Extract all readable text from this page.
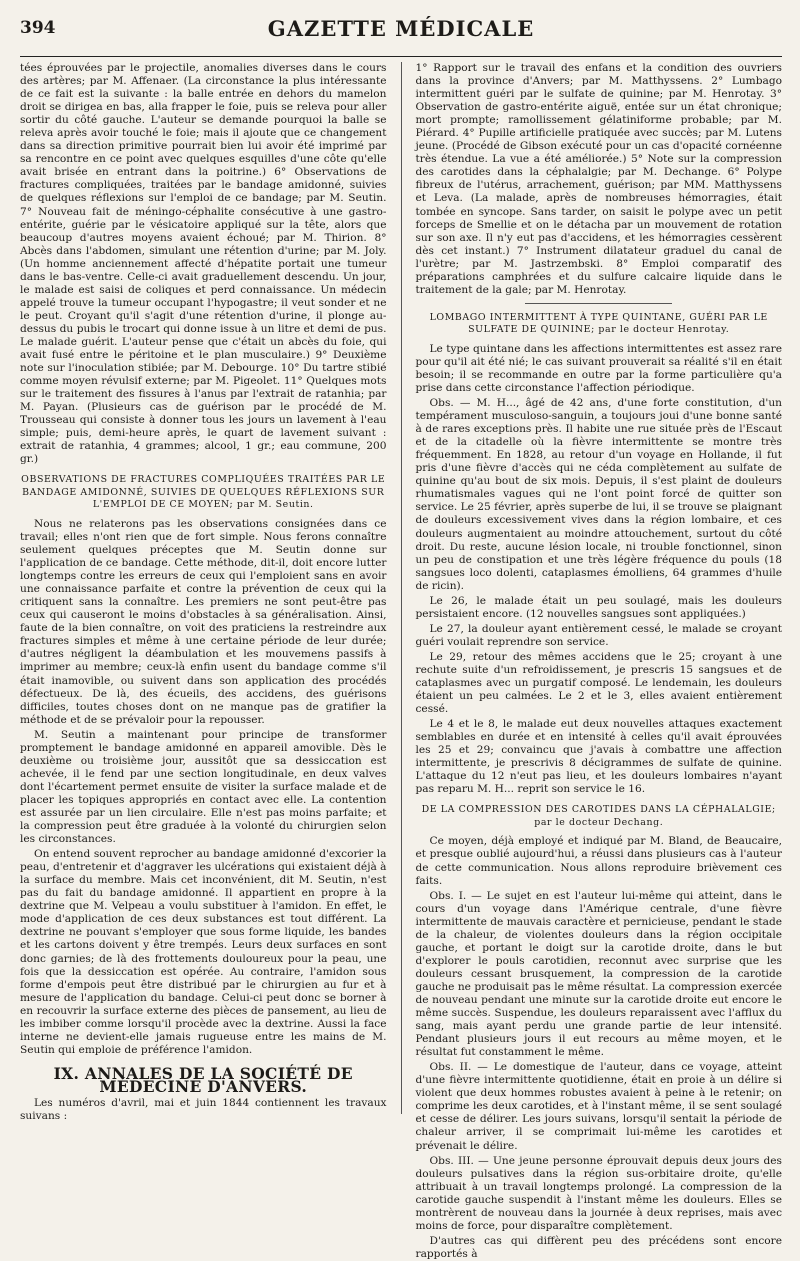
394	GAZETTE MÉDICALE

tées éprouvées par le projectile, anomalies diverses dans le cours des artères; par M. Affenaer. (La circonstance la plus intéressante de ce fait est la suivante : la balle entrée en dehors du mamelon droit se dirigea en bas, alla frapper le foie, puis se releva pour aller sortir du côté gauche. L'auteur se demande pourquoi la balle se releva après avoir touché le foie; mais il ajoute que ce changement dans sa direction primitive pourrait bien lui avoir été imprimé par sa rencontre en ce point avec quelques esquilles d'une côte qu'elle avait brisée en entrant dans la poitrine.) 6° Observations de fractures compliquées, traitées par le bandage amidonné, suivies de quelques réflexions sur l'emploi de ce bandage; par M. Seutin. 7° Nouveau fait de méningo-céphalite consécutive à une gastro-entérite, guérie par le vésicatoire appliqué sur la tête, alors que beaucoup d'autres moyens avaient échoué; par M. Thirion. 8° Abcès dans l'abdomen, simulant une rétention d'urine; par M. Joly. (Un homme anciennement affecté d'hépatite portait une tumeur dans le bas-ventre. Celle-ci avait graduellement descendu. Un jour, le malade est saisi de coliques et perd connaissance. Un médecin appelé trouve la tumeur occupant l'hypogastre; il veut sonder et ne le peut. Croyant qu'il s'agit d'une rétention d'urine, il plonge au-dessus du pubis le trocart qui donne issue à un litre et demi de pus. Le malade guérit. L'auteur pense que c'était un abcès du foie, qui avait fusé entre le péritoine et le plan musculaire.) 9° Deuxième note sur l'inoculation stibiée; par M. Debourge. 10° Du tartre stibié comme moyen révulsif externe; par M. Pigeolet. 11° Quelques mots sur le traitement des fissures à l'anus par l'extrait de ratanhia; par M. Payan. (Plusieurs cas de guérison par le procédé de M. Trousseau qui consiste à donner tous les jours un lavement à l'eau simple; puis, demi-heure après, le quart de lavement suivant : extrait de ratanhia, 4 grammes; alcool, 1 gr.; eau commune, 200 gr.)

OBSERVATIONS DE FRACTURES COMPLIQUÉES TRAITÉES PAR LE BANDAGE AMIDONNÉ, SUIVIES DE QUELQUES RÉFLEXIONS SUR L'EMPLOI DE CE MOYEN; par M. Seutin.

Nous ne relaterons pas les observations consignées dans ce travail; elles n'ont rien que de fort simple. Nous ferons connaître seulement quelques préceptes que M. Seutin donne sur l'application de ce bandage. Cette méthode, dit-il, doit encore lutter longtemps contre les erreurs de ceux qui l'emploient sans en avoir une connaissance parfaite et contre la prévention de ceux qui la critiquent sans la connaître. Les premiers ne sont peut-être pas ceux qui causeront le moins d'obstacles à sa généralisation. Ainsi, faute de la bien connaître, on voit des praticiens la restreindre aux fractures simples et même à une certaine période de leur durée; d'autres négligent la déambulation et les mouvemens passifs à imprimer au membre; ceux-là enfin usent du bandage comme s'il était inamovible, ou suivent dans son application des procédés défectueux. De là, des écueils, des accidens, des guérisons difficiles, toutes choses dont on ne manque pas de gratifier la méthode et de se prévaloir pour la repousser.

M. Seutin a maintenant pour principe de transformer promptement le bandage amidonné en appareil amovible. Dès le deuxième ou troisième jour, aussitôt que sa dessiccation est achevée, il le fend par une section longitudinale, en deux valves dont l'écartement permet ensuite de visiter la surface malade et de placer les topiques appropriés en contact avec elle. La contention est assurée par un lien circulaire. Elle n'est pas moins parfaite; et la compression peut être graduée à la volonté du chirurgien selon les circonstances.

On entend souvent reprocher au bandage amidonné d'excorier la peau, d'entretenir et d'aggraver les ulcérations qui existaient déjà à la surface du membre. Mais cet inconvénient, dit M. Seutin, n'est pas du fait du bandage amidonné. Il appartient en propre à la dextrine que M. Velpeau a voulu substituer à l'amidon. En effet, le mode d'application de ces deux substances est tout différent. La dextrine ne pouvant s'employer que sous forme liquide, les bandes et les cartons doivent y être trempés. Leurs deux surfaces en sont donc garnies; de là des frottements douloureux pour la peau, une fois que la dessiccation est opérée. Au contraire, l'amidon sous forme d'empois peut être distribué par le chirurgien au fur et à mesure de l'application du bandage. Celui-ci peut donc se borner à en recouvrir la surface externe des pièces de pansement, au lieu de les imbiber comme lorsqu'il procède avec la dextrine. Aussi la face interne ne devient-elle jamais rugueuse entre les mains de M. Seutin qui emploie de préférence l'amidon.

IX. ANNALES DE LA SOCIÉTÉ DE MÉDECINE D'ANVERS.

Les numéros d'avril, mai et juin 1844 contiennent les travaux suivans :

1° Rapport sur le travail des enfans et la condition des ouvriers dans la province d'Anvers; par M. Matthyssens. 2° Lumbago intermittent guéri par le sulfate de quinine; par M. Henrotay. 3° Observation de gastro-entérite aiguë, entée sur un état chronique; mort prompte; ramollissement gélatiniforme probable; par M. Piérard. 4° Pupille artificielle pratiquée avec succès; par M. Lutens jeune. (Procédé de Gibson exécuté pour un cas d'opacité cornéenne très étendue. La vue a été améliorée.) 5° Note sur la compression des carotides dans la céphalalgie; par M. Dechange. 6° Polype fibreux de l'utérus, arrachement, guérison; par MM. Matthyssens et Leva. (La malade, après de nombreuses hémorragies, était tombée en syncope. Sans tarder, on saisit le polype avec un petit forceps de Smellie et on le détacha par un mouvement de rotation sur son axe. Il n'y eut pas d'accidens, et les hémorragies cessèrent dès cet instant.) 7° Instrument dilatateur graduel du canal de l'urètre; par M. Jastrzembski. 8° Emploi comparatif des préparations camphrées et du sulfure calcaire liquide dans le traitement de la gale; par M. Henrotay.

LOMBAGO INTERMITTENT À TYPE QUINTANE, GUÉRI PAR LE SULFATE DE QUININE; par le docteur Henrotay.

Le type quintane dans les affections intermittentes est assez rare pour qu'il ait été nié; le cas suivant prouverait sa réalité s'il en était besoin; il se recommande en outre par la forme particulière qu'a prise dans cette circonstance l'affection périodique.

Obs. — M. H..., âgé de 42 ans, d'une forte constitution, d'un tempérament musculoso-sanguin, a toujours joui d'une bonne santé à de rares exceptions près. Il habite une rue située près de l'Escaut et de la citadelle où la fièvre intermittente se montre très fréquemment. En 1828, au retour d'un voyage en Hollande, il fut pris d'une fièvre d'accès qui ne céda complètement au sulfate de quinine qu'au bout de six mois. Depuis, il s'est plaint de douleurs rhumatismales vagues qui ne l'ont point forcé de quitter son service. Le 25 février, après superbe de lui, il se trouve se plaignant de douleurs excessivement vives dans la région lombaire, et ces douleurs augmentaient au moindre attouchement, surtout du côté droit. Du reste, aucune lésion locale, ni trouble fonctionnel, sinon un peu de constipation et une très légère fréquence du pouls (18 sangsues loco dolenti, cataplasmes émolliens, 64 grammes d'huile de ricin).

Le 26, le malade était un peu soulagé, mais les douleurs persistaient encore. (12 nouvelles sangsues sont appliquées.)

Le 27, la douleur ayant entièrement cessé, le malade se croyant guéri voulait reprendre son service.

Le 29, retour des mêmes accidens que le 25; croyant à une rechute suite d'un refroidissement, je prescris 15 sangsues et de cataplasmes avec un purgatif composé. Le lendemain, les douleurs étaient un peu calmées. Le 2 et le 3, elles avaient entièrement cessé.

Le 4 et le 8, le malade eut deux nouvelles attaques exactement semblables en durée et en intensité à celles qu'il avait éprouvées les 25 et 29; convaincu que j'avais à combattre une affection intermittente, je prescrivis 8 décigrammes de sulfate de quinine. L'attaque du 12 n'eut pas lieu, et les douleurs lombaires n'ayant pas reparu M. H... reprit son service le 16.

DE LA COMPRESSION DES CAROTIDES DANS LA CÉPHALALGIE; par le docteur Dechang.

Ce moyen, déjà employé et indiqué par M. Bland, de Beaucaire, et presque oublié aujourd'hui, a réussi dans plusieurs cas à l'auteur de cette communication. Nous allons reproduire brièvement ces faits.

Obs. I. — Le sujet en est l'auteur lui-même qui atteint, dans le cours d'un voyage dans l'Amérique centrale, d'une fièvre intermittente de mauvais caractère et pernicieuse, pendant le stade de la chaleur, de violentes douleurs dans la région occipitale gauche, et portant le doigt sur la carotide droite, dans le but d'explorer le pouls carotidien, reconnut avec surprise que les douleurs cessant brusquement, la compression de la carotide gauche ne produisait pas le même résultat. La compression exercée de nouveau pendant une minute sur la carotide droite eut encore le même succès. Suspendue, les douleurs reparaissent avec l'afflux du sang, mais ayant perdu une grande partie de leur intensité. Pendant plusieurs jours il eut recours au même moyen, et le résultat fut constamment le même.

Obs. II. — Le domestique de l'auteur, dans ce voyage, atteint d'une fièvre intermittente quotidienne, était en proie à un délire si violent que deux hommes robustes avaient à peine à le retenir; on comprime les deux carotides, et à l'instant même, il se sent soulagé et cesse de délirer. Les jours suivans, lorsqu'il sentait la période de chaleur arriver, il se comprimait lui-même les carotides et prévenait le délire.

Obs. III. — Une jeune personne éprouvait depuis deux jours des douleurs pulsatives dans la région sus-orbitaire droite, qu'elle attribuait à un travail longtemps prolongé. La compression de la carotide gauche suspendit à l'instant même les douleurs. Elles se montrèrent de nouveau dans la journée à deux reprises, mais avec moins de force, pour disparaître complètement.

D'autres cas qui diffèrent peu des précédens sont encore rapportés à
